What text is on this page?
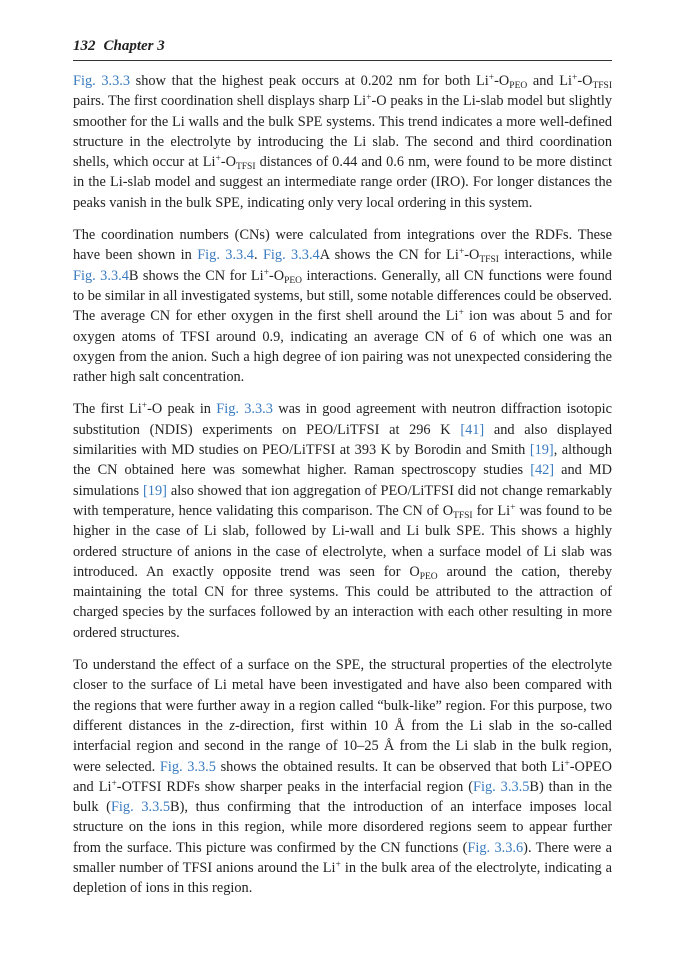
132 Chapter 3

Fig. 3.3.3 show that the highest peak occurs at 0.202 nm for both $Li^+-O_{PEO}$ and $Li^+-O_{TFSI}$ pairs. The first coordination shell displays sharp Li+-O peaks in the Li-slab model but slightly smoother for the Li walls and the bulk SPE systems. This trend indicates a more well-defined structure in the electrolyte by introducing the Li slab. The second and third coordination shells, which occur at $Li^+-O_{TFSI}$ distances of 0.44 and 0.6 nm, were found to be more distinct in the Li-slab model and suggest an intermediate range order (IRO). For longer distances the peaks vanish in the bulk SPE, indicating only very local ordering in this system.

The coordination numbers (CNs) were calculated from integrations over the RDFs. These have been shown in Fig. 3.3.4. Fig. 3.3.4A shows the CN for $Li^+-O_{TFSI}$ interactions, while Fig. 3.3.4B shows the CN for $Li^+-O_{PEO}$ interactions. Generally, all CN functions were found to be similar in all investigated systems, but still, some notable differences could be observed. The average CN for ether oxygen in the first shell around the Li+ ion was about 5 and for oxygen atoms of TFSI around 0.9, indicating an average CN of 6 of which one was an oxygen from the anion. Such a high degree of ion pairing was not unexpected considering the rather high salt concentration.

The first Li+-O peak in Fig. 3.3.3 was in good agreement with neutron diffraction isotopic substitution (NDIS) experiments on PEO/LiTFSI at 296 K [41] and also displayed similarities with MD studies on PEO/LiTFSI at 393 K by Borodin and Smith [19], although the CN obtained here was somewhat higher. Raman spectroscopy studies [42] and MD simulations [19] also showed that ion aggregation of PEO/LiTFSI did not change remarkably with temperature, hence validating this comparison. The CN of $O_{TFSI}$ for Li+ was found to be higher in the case of Li slab, followed by Li-wall and Li bulk SPE. This shows a highly ordered structure of anions in the case of electrolyte, when a surface model of Li slab was introduced. An exactly opposite trend was seen for $O_{PEO}$ around the cation, thereby maintaining the total CN for three systems. This could be attributed to the attraction of charged species by the surfaces followed by an interaction with each other resulting in more ordered structures.

To understand the effect of a surface on the SPE, the structural properties of the electrolyte closer to the surface of Li metal have been investigated and have also been compared with the regions that were further away in a region called “bulk-like” region. For this purpose, two different distances in the z-direction, first within 10 Å from the Li slab in the so-called interfacial region and second in the range of 10–25 Å from the Li slab in the bulk region, were selected. Fig. 3.3.5 shows the obtained results. It can be observed that both Li+-OPEO and Li+-OTFSI RDFs show sharper peaks in the interfacial region (Fig. 3.3.5B) than in the bulk (Fig. 3.3.5B), thus confirming that the introduction of an interface imposes local structure on the ions in this region, while more disordered regions seem to appear further from the surface. This picture was confirmed by the CN functions (Fig. 3.3.6). There were a smaller number of TFSI anions around the Li+ in the bulk area of the electrolyte, indicating a depletion of ions in this region.
